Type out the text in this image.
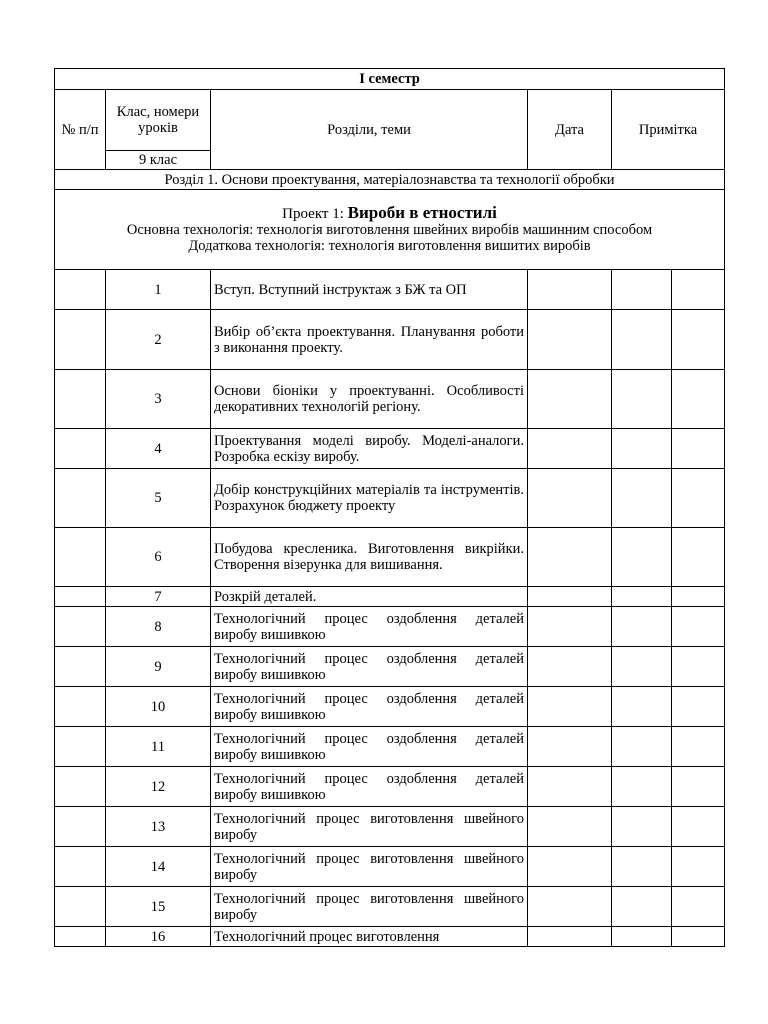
І семестр					
№ п/п	Клас, номери уроків	Розділи, теми	Дата	Примітка	
	9 клас				
Розділ 1. Основи проектування, матеріалознавства та технології обробки					

Проект 1: Вироби в етностилі
Основна технологія: технологія виготовлення швейних виробів машинним способом
Додаткова технологія: технологія виготовлення вишитих виробів					

	1	Вступ. Вступний інструктаж з БЖ та ОП			
	2	Вибір об’єкта проектування. Планування роботи з виконання проекту.			
	3	Основи біоніки у проектуванні. Особливості декоративних технологій регіону.			
	4	Проектування моделі виробу. Моделі-аналоги. Розробка ескізу виробу.			
	5	Добір конструкційних матеріалів та інструментів. Розрахунок бюджету проекту			
	6	Побудова кресленика. Виготовлення викрійки. Створення візерунка для вишивання.			
	7	Розкрій деталей.			
	8	Технологічний процес оздоблення деталей виробу вишивкою			
	9	Технологічний процес оздоблення деталей виробу вишивкою			
	10	Технологічний процес оздоблення деталей виробу вишивкою			
	11	Технологічний процес оздоблення деталей виробу вишивкою			
	12	Технологічний процес оздоблення деталей виробу вишивкою			
	13	Технологічний процес виготовлення швейного виробу			
	14	Технологічний процес виготовлення швейного виробу			
	15	Технологічний процес виготовлення швейного виробу			
	16	Технологічний процес виготовлення			
